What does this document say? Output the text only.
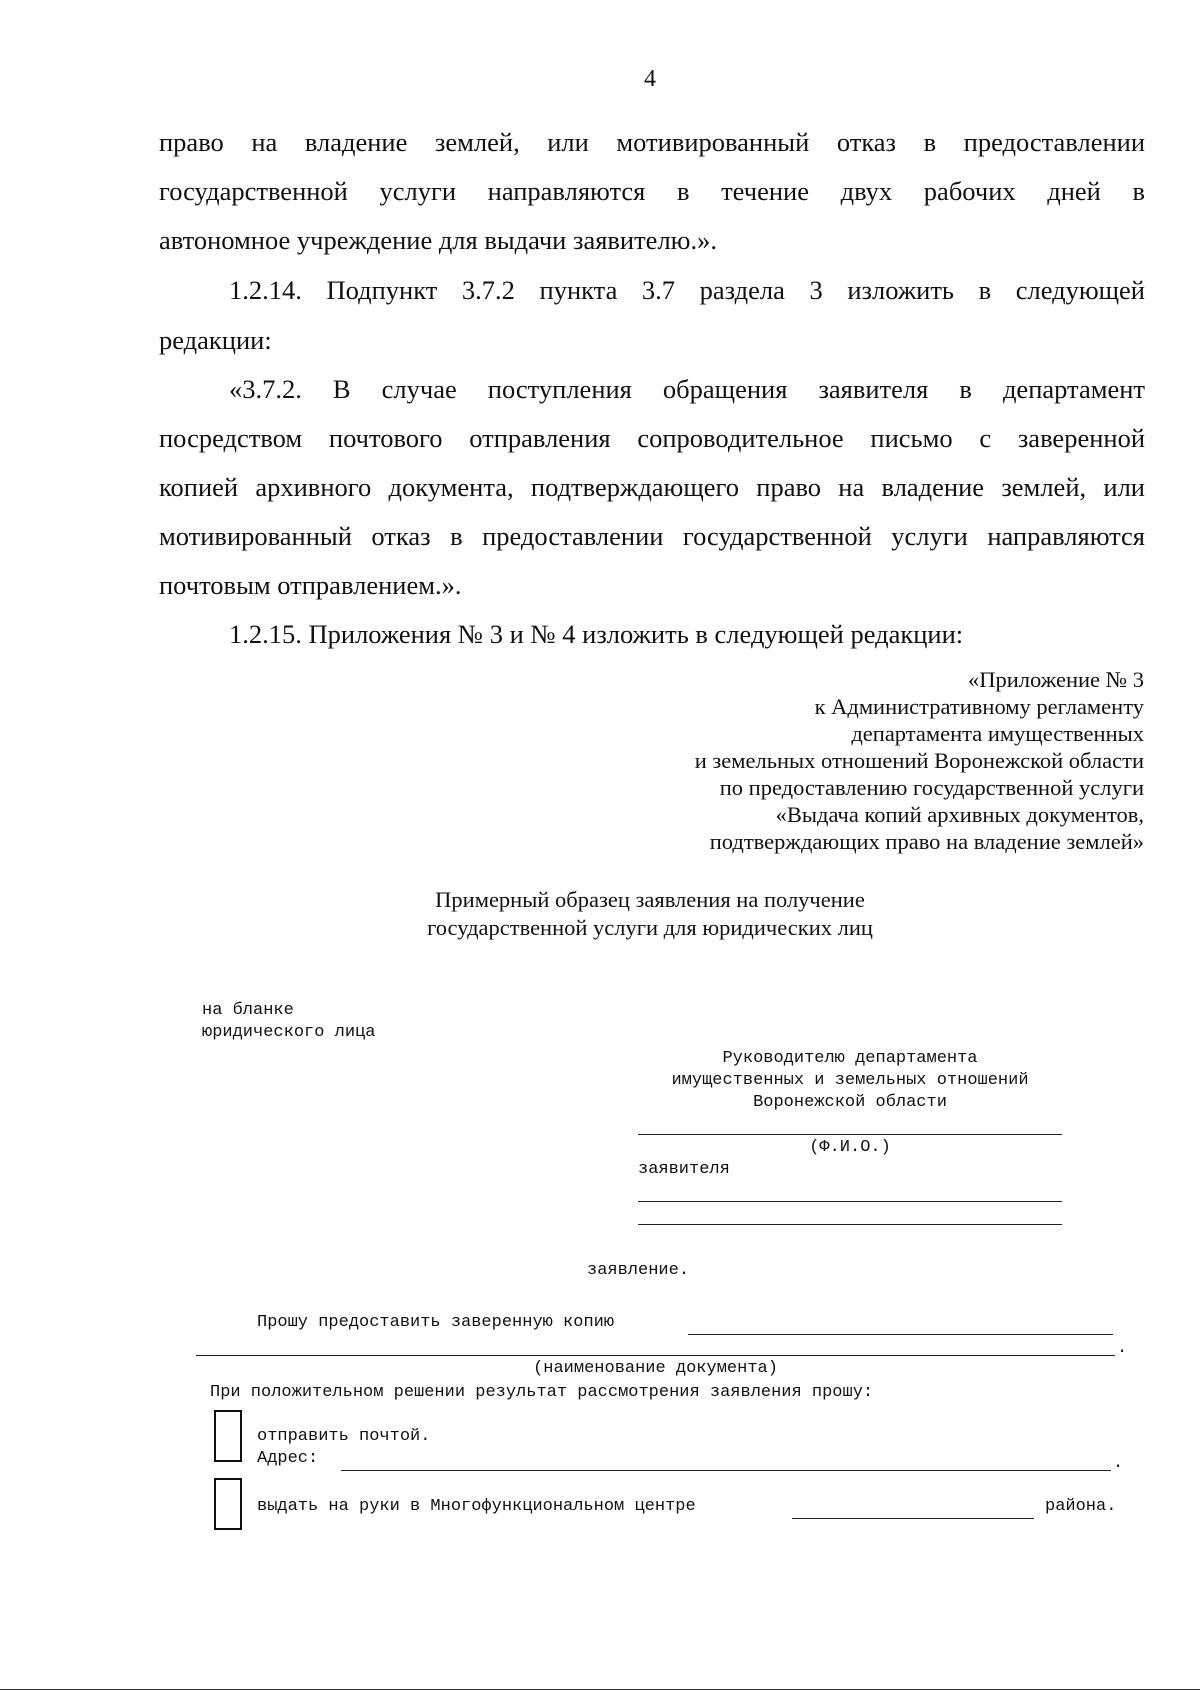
4
право на владение землей, или мотивированный отказ в предоставлении
государственной услуги направляются в течение двух рабочих дней в
автономное учреждение для выдачи заявителю.».
1.2.14. Подпункт 3.7.2 пункта 3.7 раздела 3 изложить в следующей
редакции:
«3.7.2. В случае поступления обращения заявителя в департамент
посредством почтового отправления сопроводительное письмо с заверенной
копией архивного документа, подтверждающего право на владение землей, или
мотивированный отказ в предоставлении государственной услуги направляются
почтовым отправлением.».
1.2.15. Приложения № 3 и № 4 изложить в следующей редакции:
«Приложение № 3
к Административному регламенту
департамента имущественных
и земельных отношений Воронежской области
по предоставлению государственной услуги
«Выдача копий архивных документов,
подтверждающих право на владение землей»
Примерный образец заявления на получение
государственной услуги для юридических лиц
на бланке
юридического лица
Руководителю департамента
имущественных и земельных отношений
Воронежской области
(Ф.И.О.)
заявителя
заявление.
Прошу предоставить заверенную копию
.
(наименование документа)
При положительном решении результат рассмотрения заявления прошу:
отправить почтой.
Адрес:	.
выдать на руки в Многофункциональном центре	района.
